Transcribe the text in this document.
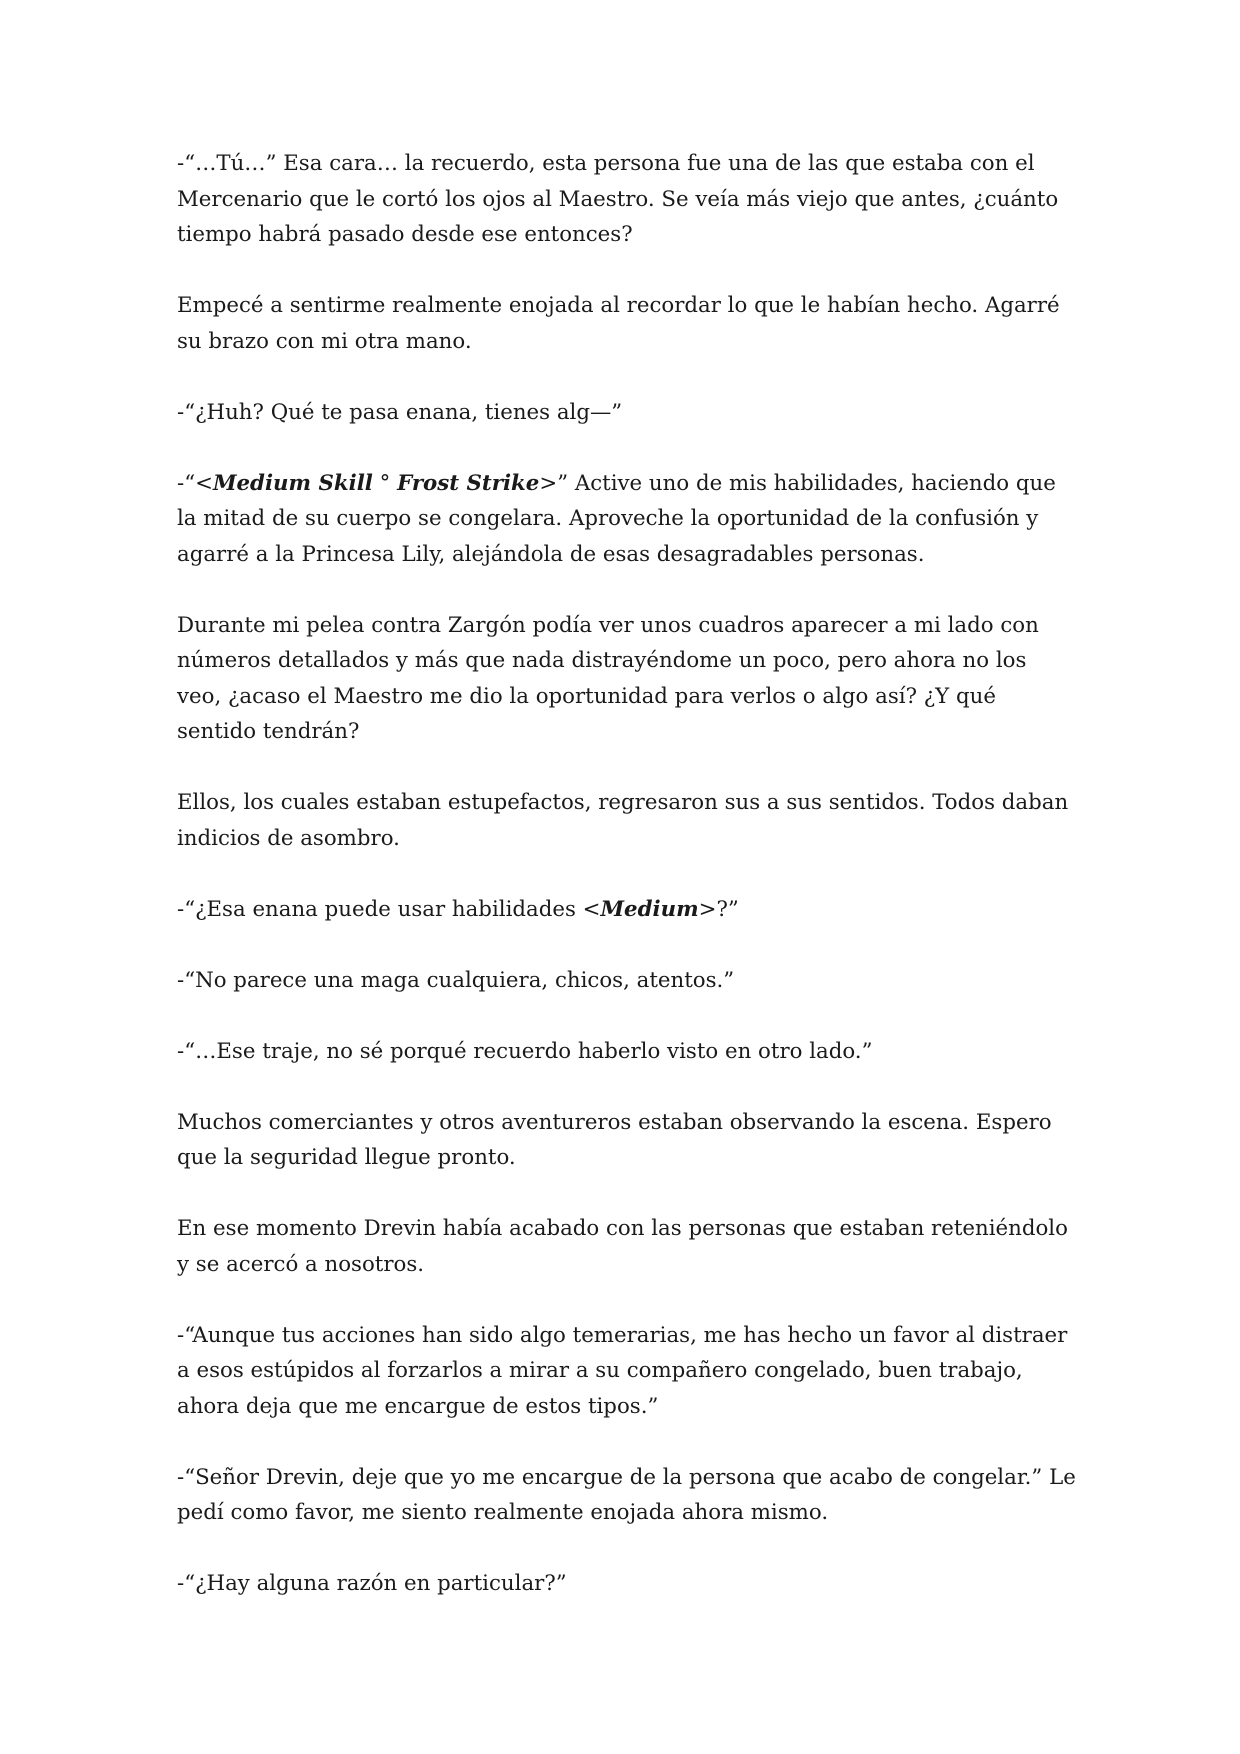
-“…Tú…” Esa cara… la recuerdo, esta persona fue una de las que estaba con el Mercenario que le cortó los ojos al Maestro. Se veía más viejo que antes, ¿cuánto tiempo habrá pasado desde ese entonces?

Empecé a sentirme realmente enojada al recordar lo que le habían hecho. Agarré su brazo con mi otra mano.

-“¿Huh? Qué te pasa enana, tienes alg—”

-“<Medium Skill ° Frost Strike>” Active uno de mis habilidades, haciendo que la mitad de su cuerpo se congelara. Aproveche la oportunidad de la confusión y agarré a la Princesa Lily, alejándola de esas desagradables personas.

Durante mi pelea contra Zargón podía ver unos cuadros aparecer a mi lado con números detallados y más que nada distrayéndome un poco, pero ahora no los veo, ¿acaso el Maestro me dio la oportunidad para verlos o algo así? ¿Y qué sentido tendrán?

Ellos, los cuales estaban estupefactos, regresaron sus a sus sentidos. Todos daban indicios de asombro.

-“¿Esa enana puede usar habilidades <Medium>?”

-“No parece una maga cualquiera, chicos, atentos.”

-“…Ese traje, no sé porqué recuerdo haberlo visto en otro lado.”

Muchos comerciantes y otros aventureros estaban observando la escena. Espero que la seguridad llegue pronto.

En ese momento Drevin había acabado con las personas que estaban reteniéndolo y se acercó a nosotros.

-“Aunque tus acciones han sido algo temerarias, me has hecho un favor al distraer a esos estúpidos al forzarlos a mirar a su compañero congelado, buen trabajo, ahora deja que me encargue de estos tipos.”

-“Señor Drevin, deje que yo me encargue de la persona que acabo de congelar.” Le pedí como favor, me siento realmente enojada ahora mismo.

-“¿Hay alguna razón en particular?”
